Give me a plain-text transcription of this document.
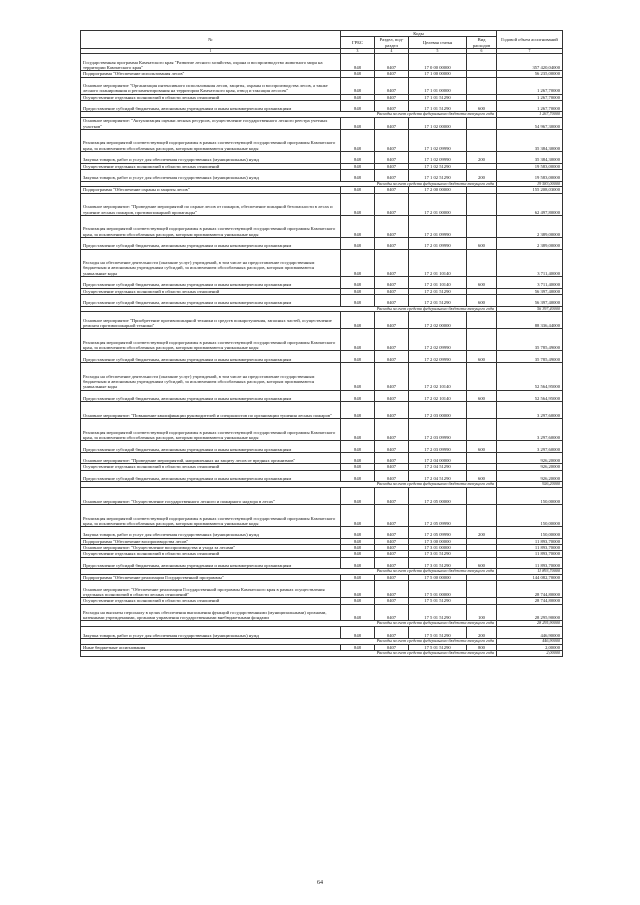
№	Коды				Годовой объем ассигнований
	ГРБС	Раздел, под-раздел	Целевая статья	Вид расходов	
1	3	4	5	6	7
Государственная программа Камчатского края "Развитие лесного хозяйства, охрана и воспроизводство животного мира на территории Камчатского края"	848	0407	17 0 00 00000		357 420,04000
Подпрограмма "Обеспечение использования лесов"	848	0407	17 1 00 00000		56 235,00000
Основное мероприятие "Организация интенсивного использования лесов, защиты, охраны и воспроизводства лесов, а также лесного планирования и регламентирования на территории Камчатского края, отвод и таксация лесосек"	848	0407	17 1 01 00000		1 267,70000
Осуществление отдельных полномочий в области лесных отношений	848	0407	17 1 01 51290		1 267,70000
Предоставление субсидий бюджетным, автономным учреждениям и иным некоммерческим организациям	848	0407	17 1 01 51290	600	1 267,70000
Расходы за счет средств федерального бюджета текущего года					1 267,70000
Основное мероприятие: "Актуализация оценки лесных ресурсов, осуществление государственного лесного реестра учетных участков"	848	0407	17 1 02 00000		54 967,30000
Реализация мероприятий соответствующей подпрограммы в рамках соответствующей государственной программы Камчатского края, за исключением обособленных расходов, которым присваиваются уникальные коды	848	0407	17 1 02 09990		35 384,30000
Закупка товаров, работ и услуг для обеспечения государственных (муниципальных) нужд	848	0407	17 1 02 09990	200	35 384,30000
Осуществление отдельных полномочий в области лесных отношений	848	0407	17 1 02 51290		19 583,00000
Закупка товаров, работ и услуг для обеспечения государственных (муниципальных) нужд	848	0407	17 1 02 51290	200	19 583,00000
Расходы за счет средств федерального бюджета текущего года					19 583,00000
Подпрограмма "Обеспечение охраны и защиты лесов"	848	0407	17 2 00 00000		155 208,03000
Основное мероприятие: "Проведение мероприятий по охране лесов от пожаров, обеспечение пожарной безопасности в лесах и тушение лесных пожаров, противопожарной пропаганды"	848	0407	17 2 01 00000		62 497,80000
Реализация мероприятий соответствующей подпрограммы в рамках соответствующей государственной программы Камчатского края, за исключением обособленных расходов, которым присваиваются уникальные коды	848	0407	17 2 01 09990		2 389,00000
Предоставление субсидий бюджетным, автономным учреждениям и иным некоммерческим организациям	848	0407	17 2 01 09990	600	2 389,00000
Расходы на обеспечение деятельности (оказание услуг) учреждений, в том числе на предоставление государственным бюджетным и автономным учреждениям субсидий, за исключением обособленных расходов, которым присваиваются уникальные коды	848	0407	17 2 01 10140		3 711,40000
Предоставление субсидий бюджетным, автономным учреждениям и иным некоммерческим организациям	848	0407	17 2 01 10140	600	3 711,40000
Осуществление отдельных полномочий в области лесных отношений	848	0407	17 2 01 51290		56 397,40000
Предоставление субсидий бюджетным, автономным учреждениям и иным некоммерческим организациям	848	0407	17 2 01 51290	600	56 397,40000
Расходы за счет средств федерального бюджета текущего года					56 397,40000
Основное мероприятие "Приобретение противопожарной техники и средств пожаротушения, запасных частей, осуществление ремонта противопожарной техники"	848	0407	17 2 02 00000		88 336,44000
Реализация мероприятий соответствующей подпрограммы в рамках соответствующей государственной программы Камчатского края, за исключением обособленных расходов, которым присваиваются уникальные коды	848	0407	17 2 02 09990		35 785,49000
Предоставление субсидий бюджетным, автономным учреждениям и иным некоммерческим организациям	848	0407	17 2 02 09990	600	35 785,49000
Расходы на обеспечение деятельности (оказание услуг) учреждений, в том числе на предоставление государственным бюджетным и автономным учреждениям субсидий, за исключением обособленных расходов, которым присваиваются уникальные коды	848	0407	17 2 02 10140		52 564,95000
Предоставление субсидий бюджетным, автономным учреждениям и иным некоммерческим организациям	848	0407	17 2 02 10140	600	52 564,95000
Основное мероприятие: "Повышение квалификации руководителей и специалистов по организации тушения лесных пожаров"	848	0407	17 2 03 00000		3 297,60000
Реализация мероприятий соответствующей подпрограммы в рамках соответствующей государственной программы Камчатского края, за исключением обособленных расходов, которым присваиваются уникальные коды	848	0407	17 2 03 09990		3 297,60000
Предоставление субсидий бюджетным, автономным учреждениям и иным некоммерческим организациям	848	0407	17 2 03 09990	600	3 297,60000
Основное мероприятие: "Проведение мероприятий, направленных на защиту лесов от вредных организмов"	848	0407	17 2 04 00000		926,20000
Осуществление отдельных полномочий в области лесных отношений	848	0407	17 2 04 51290		926,20000
Предоставление субсидий бюджетным, автономным учреждениям и иным некоммерческим организациям	848	0407	17 2 04 51290	600	926,20000
Расходы за счет средств федерального бюджета текущего года					926,20000
Основное мероприятие: "Осуществление государственного лесного и пожарного надзора в лесах"	848	0407	17 2 05 00000		150,00000
Реализация мероприятий соответствующей подпрограммы в рамках соответствующей государственной программы Камчатского края, за исключением обособленных расходов, которым присваиваются уникальные коды	848	0407	17 2 05 09990		150,00000
Закупка товаров, работ и услуг для обеспечения государственных (муниципальных) нужд	848	0407	17 2 05 09990	200	150,00000
Подпрограмма "Обеспечение воспроизводства лесов"	848	0407	17 3 00 00000		11 893,70000
Основное мероприятие: "Осуществление воспроизводства и ухода за лесами"	848	0407	17 3 01 00000		11 893,70000
Осуществление отдельных полномочий в области лесных отношений	848	0407	17 3 01 51290		11 893,70000
Предоставление субсидий бюджетным, автономным учреждениям и иным некоммерческим организациям	848	0407	17 3 01 51290	600	11 893,70000
Расходы за счет средств федерального бюджета текущего года					11 893,70000
Подпрограмма "Обеспечение реализации Государственной программы"	848	0407	17 5 00 00000		144 082,70000
Основное мероприятие: "Обеспечение реализации Государственной программы Камчатского края в рамках осуществления отдельных полномочий в области лесных отношений"	848	0407	17 5 01 00000		28 744,80000
Осуществление отдельных полномочий в области лесных отношений	848	0407	17 5 01 51290		28 744,80000
Расходы на выплаты персоналу в целях обеспечения выполнения функций государственными (муниципальными) органами, казенными учреждениями, органами управления государственными внебюджетными фондами	848	0407	17 5 01 51290	100	28 295,90000
Расходы за счет средств федерального бюджета текущего года					28 295,90000
Закупка товаров, работ и услуг для обеспечения государственных (муниципальных) нужд	848	0407	17 5 01 51290	200	446,90000
Расходы за счет средств федерального бюджета текущего года					446,90000
Иные бюджетные ассигнования	848	0407	17 5 01 51290	800	2,00000
Расходы за счет средств федерального бюджета текущего года					2,00000
64
